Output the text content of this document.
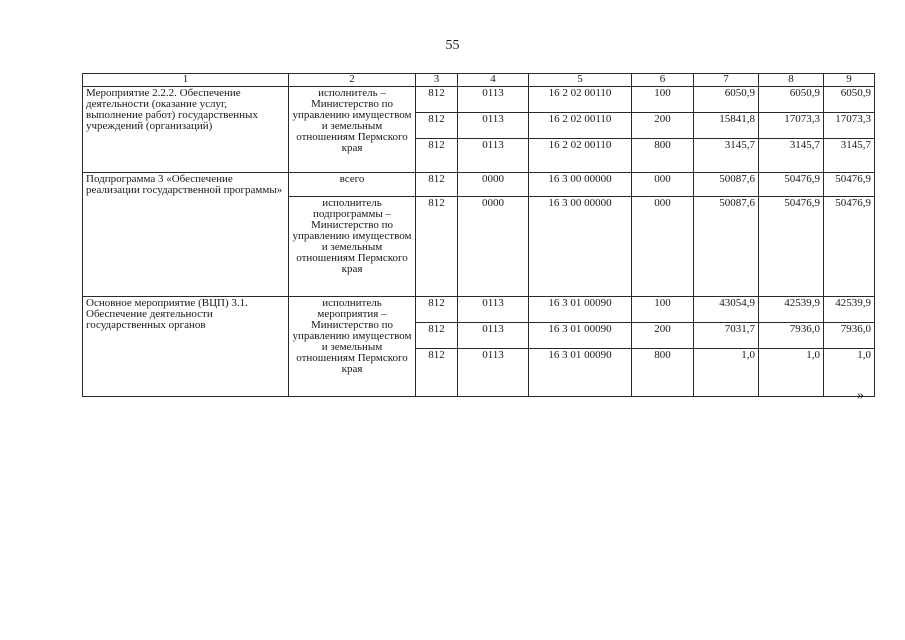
55
1	2	3	4	5	6	7	8	9
Мероприятие 2.2.2. Обеспечение деятельности (оказание услуг, выполнение работ) государственных учреждений (организаций)	исполнитель – Министерство по управлению имуществом и земельным отношениям Пермского края	812	0113	16 2 02 00110	100	6050,9	6050,9	6050,9
		812	0113	16 2 02 00110	200	15841,8	17073,3	17073,3
		812	0113	16 2 02 00110	800	3145,7	3145,7	3145,7
Подпрограмма 3 «Обеспечение реализации государственной программы»	всего	812	0000	16 3 00 00000	000	50087,6	50476,9	50476,9
	исполнитель подпрограммы – Министерство по управлению имуществом и земельным отношениям Пермского края	812	0000	16 3 00 00000	000	50087,6	50476,9	50476,9
Основное мероприятие (ВЦП) 3.1. Обеспечение деятельности государственных органов	исполнитель мероприятия – Министерство по управлению имуществом и земельным отношениям Пермского края	812	0113	16 3 01 00090	100	43054,9	42539,9	42539,9
		812	0113	16 3 01 00090	200	7031,7	7936,0	7936,0
		812	0113	16 3 01 00090	800	1,0	1,0	1,0
»
